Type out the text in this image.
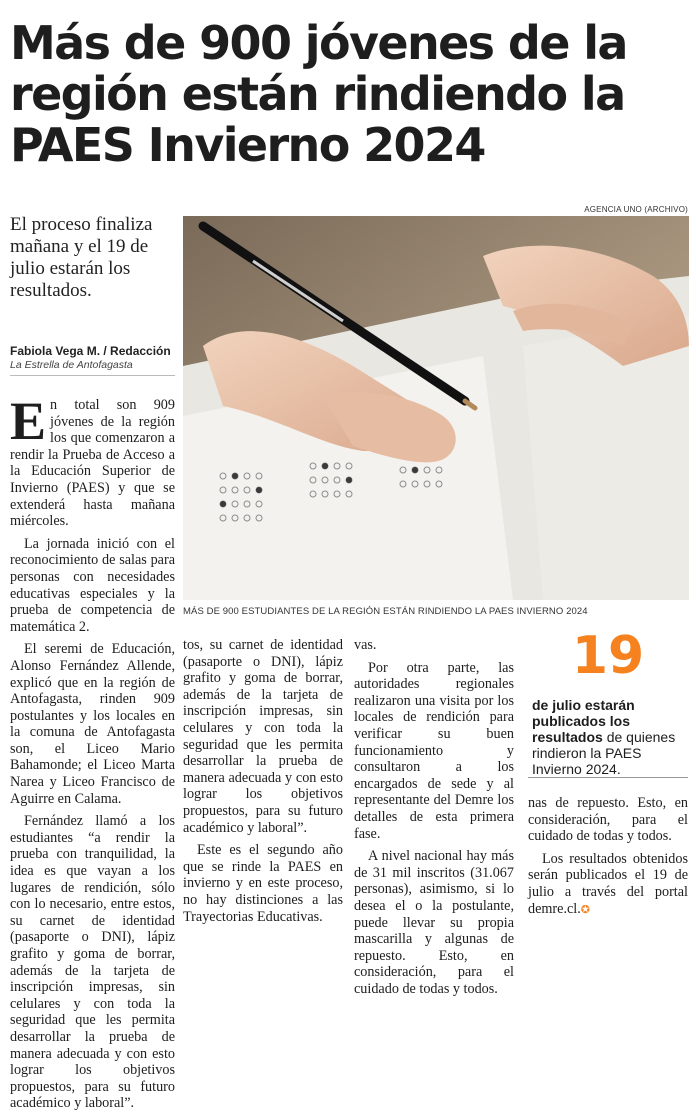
Más de 900 jóvenes de la región están rindiendo la PAES Invierno 2024
El proceso finaliza mañana y el 19 de julio estarán los resultados.
Fabiola Vega M. / Redacción
La Estrella de Antofagasta
AGENCIA UNO (ARCHIVO)
MÁS DE 900 ESTUDIANTES DE LA REGIÓN ESTÁN RINDIENDO LA PAES INVIERNO 2024

En total son 909 jóvenes de la región los que comenzaron a rendir la Prueba de Acceso a la Educación Superior de Invierno (PAES) y que se extenderá hasta mañana miércoles.

La jornada inició con el reconocimiento de salas para personas con necesidades educativas especiales y la prueba de competencia de matemática 2.

El seremi de Educación, Alonso Fernández Allende, explicó que en la región de Antofagasta, rinden 909 postulantes y los locales en la comuna de Antofagasta son, el Liceo Mario Bahamonde; el Liceo Marta Narea y Liceo Francisco de Aguirre en Calama.

Fernández llamó a los estudiantes “a rendir la prueba con tranquilidad, la idea es que vayan a los lugares de rendición, sólo con lo necesario, entre estos, su carnet de identidad (pasaporte o DNI), lápiz grafito y goma de borrar, además de la tarjeta de inscripción impresas, sin celulares y con toda la seguridad que les permita desarrollar la prueba de manera adecuada y con esto lograr los objetivos propuestos, para su futuro académico y laboral”.

tos, su carnet de identidad (pasaporte o DNI), lápiz grafito y goma de borrar, además de la tarjeta de inscripción impresas, sin celulares y con toda la seguridad que les permita desarrollar la prueba de manera adecuada y con esto lograr los objetivos propuestos, para su futuro académico y laboral”.

Este es el segundo año que se rinde la PAES en invierno y en este proceso, no hay distinciones a las Trayectorias Educativas.

vas.

Por otra parte, las autoridades regionales realizaron una visita por los locales de rendición para verificar su buen funcionamiento y consultaron a los encargados de sede y al representante del Demre los detalles de esta primera fase.

A nivel nacional hay más de 31 mil inscritos (31.067 personas), asimismo, si lo desea el o la postulante, puede llevar su propia mascarilla y algunas de repuesto. Esto, en consideración, para el cuidado de todas y todos.

19
de julio estarán publicados los resultados de quienes rindieron la PAES Invierno 2024.

nas de repuesto. Esto, en consideración, para el cuidado de todas y todos.

Los resultados obtenidos serán publicados el 19 de julio a través del portal demre.cl.✪
